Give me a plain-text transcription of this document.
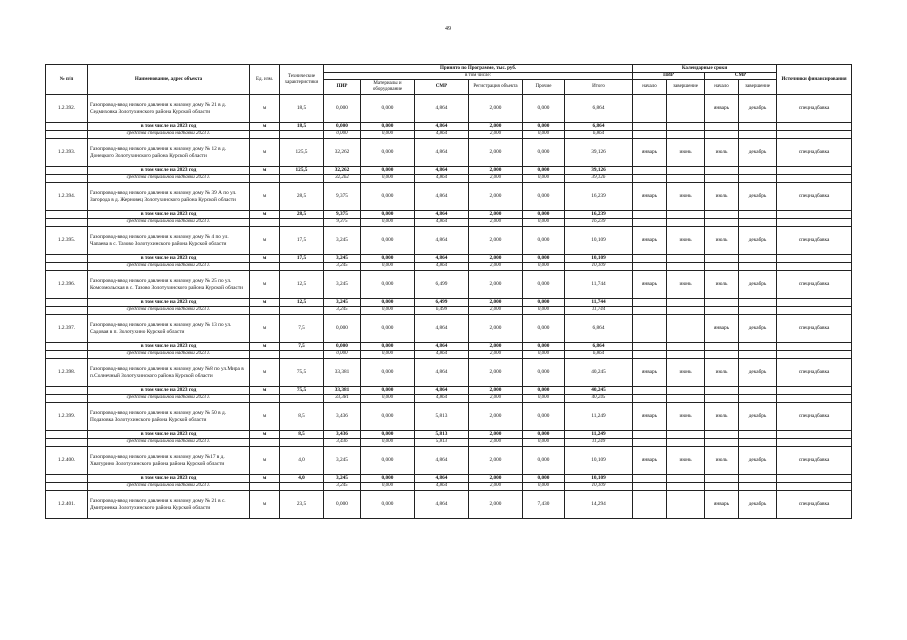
49
№ п/п	Наименование, адрес объекта	Ед. изм.	Технические характеристики	Принято по Программе, тыс. руб.						Календарные сроки				Источники финансирования
				в том числе:						ПИР		СМР		
				ПИР	Материалы и оборудование	СМР	Регистрация объекта	Прочие	Итого	начало	завершение	начало	завершение	
1.2.392.	Газопровод-ввод низкого давления к жилому дому № 21 в д. Седмиховка Золотухинского района Курской области	м	18,5	0,000	0,000	4,864	2,000	0,000	6,864			январь	декабрь	спецнадбавка
	в том числе на 2023 год	м	18,5	0,000	0,000	4,864	2,000	0,000	6,864					
	средства специальной надбавки 2023 г.			0,000	0,000	4,864	2,000	0,000	6,864					
1.2.393.	Газопровод-ввод низкого давления к жилому дому № 12 в д. Донецкого Золотухинского района Курской области	м	125,5	32,262	0,000	4,864	2,000	0,000	39,126	январь	июнь	июль	декабрь	спецнадбавка
	в том числе на 2023 год	м	125,5	32,262	0,000	4,864	2,000	0,000	39,126					
	средства специальной надбавки 2023 г.			32,262	0,000	4,864	2,000	0,000	39,126					
1.2.394.	Газопровод-ввод низкого давления к жилому дому № 39 А по ул. Загорода в д. Жерновец Золотухинского района Курской области	м	28,5	9,375	0,000	4,864	2,000	0,000	16,239	январь	июнь	июль	декабрь	спецнадбавка
	в том числе на 2023 год	м	28,5	9,375	0,000	4,864	2,000	0,000	16,239					
	средства специальной надбавки 2023 г.			9,375	0,000	4,864	2,000	0,000	16,239					
1.2.395.	Газопровод-ввод низкого давления к жилому дому № 4 по ул. Чапаева в с. Тазово Золотухинского района Курской области	м	17,5	3,245	0,000	4,864	2,000	0,000	10,109	январь	июнь	июль	декабрь	спецнадбавка
	в том числе на 2023 год	м	17,5	3,245	0,000	4,864	2,000	0,000	10,109					
	средства специальной надбавки 2023 г.			3,245	0,000	4,864	2,000	0,000	10,109					
1.2.396.	Газопровод-ввод низкого давления к жилому дому № 25 по ул. Комсомольская в с. Тазово Золотухинского района Курской области	м	12,5	3,245	0,000	6,499	2,000	0,000	11,744	январь	июнь	июль	декабрь	спецнадбавка
	в том числе на 2023 год	м	12,5	3,245	0,000	6,499	2,000	0,000	11,744					
	средства специальной надбавки 2023 г.			3,245	0,000	6,499	2,000	0,000	11,744					
1.2.397.	Газопровод-ввод низкого давления к жилому дому № 13 по ул. Садовая в п. Золотухино Курской области	м	7,5	0,000	0,000	4,864	2,000	0,000	6,864			январь	декабрь	спецнадбавка
	в том числе на 2023 год	м	7,5	0,000	0,000	4,864	2,000	0,000	6,864					
	средства специальной надбавки 2023 г.			0,000	0,000	4,864	2,000	0,000	6,864					
1.2.398.	Газопровод-ввод низкого давления к жилому дому №8 по ул.Мира в п.Солнечный Золотухинского района Курской области	м	75,5	33,381	0,000	4,864	2,000	0,000	40,245	январь	июнь	июль	декабрь	спецнадбавка
	в том числе на 2023 год	м	75,5	33,381	0,000	4,864	2,000	0,000	40,245					
	средства специальной надбавки 2023 г.			33,381	0,000	4,864	2,000	0,000	40,245					
1.2.399.	Газопровод-ввод низкого давления к жилому дому № 50 в д. Подазовка Золотухинского района Курской области	м	8,5	3,436	0,000	5,813	2,000	0,000	11,249	январь	июнь	июль	декабрь	спецнадбавка
	в том числе на 2023 год	м	8,5	3,436	0,000	5,813	2,000	0,000	11,249					
	средства специальной надбавки 2023 г.			3,436	0,000	5,813	2,000	0,000	11,249					
1.2.400.	Газопровод-ввод низкого давления к жилому дому №17 в д. Хватурино Золотухинского района района Курской области	м	4,0	3,245	0,000	4,864	2,000	0,000	10,109	январь	июнь	июль	декабрь	спецнадбавка
	в том числе на 2023 год	м	4,0	3,245	0,000	4,864	2,000	0,000	10,109					
	средства специальной надбавки 2023 г.			3,245	0,000	4,864	2,000	0,000	10,109					
1.2.401.	Газопровод-ввод низкого давления к жилому дому № 21 в с. Дмитриевка Золотухинского района Курской области	м	23,5	0,000	0,000	4,864	2,000	7,430	14,294			январь	декабрь	спецнадбавка
